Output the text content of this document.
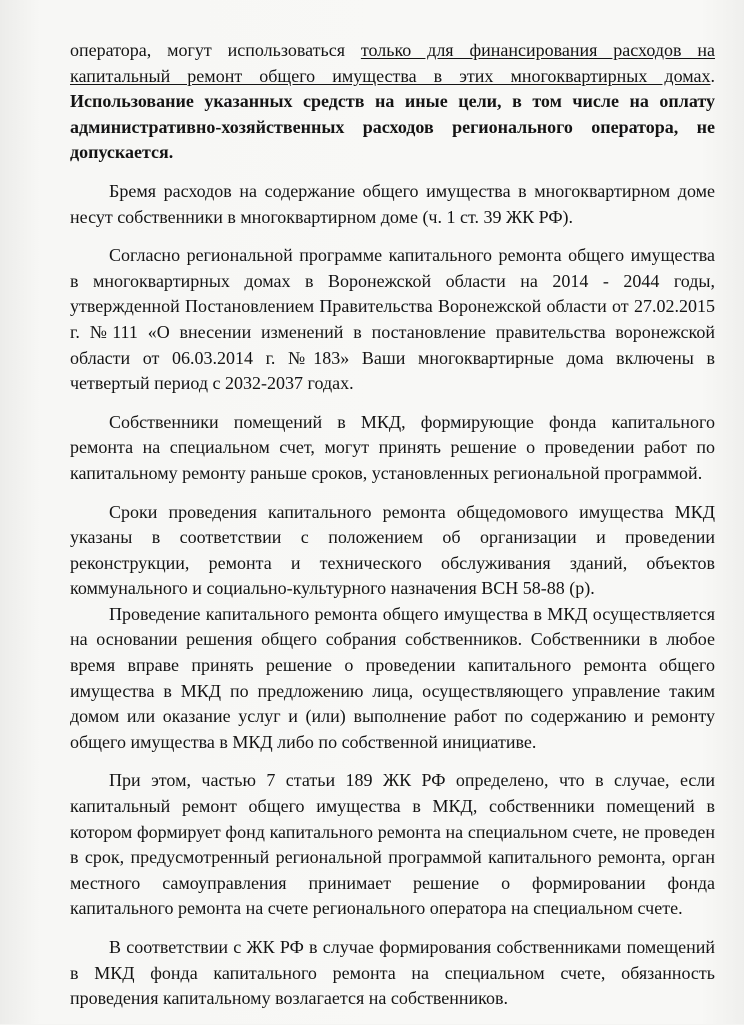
оператора, могут использоваться только для финансирования расходов на капитальный ремонт общего имущества в этих многоквартирных домах. Использование указанных средств на иные цели, в том числе на оплату административно-хозяйственных расходов регионального оператора, не допускается.

Бремя расходов на содержание общего имущества в многоквартирном доме несут собственники в многоквартирном доме (ч. 1 ст. 39 ЖК РФ).

Согласно региональной программе капитального ремонта общего имущества в многоквартирных домах в Воронежской области на 2014 - 2044 годы, утвержденной Постановлением Правительства Воронежской области от 27.02.2015 г. №111 «О внесении изменений в постановление правительства воронежской области от 06.03.2014 г. №183» Ваши многоквартирные дома включены в четвертый период с 2032-2037 годах.

Собственники помещений в МКД, формирующие фонда капитального ремонта на специальном счет, могут принять решение о проведении работ по капитальному ремонту раньше сроков, установленных региональной программой.

Сроки проведения капитального ремонта общедомового имущества МКД указаны в соответствии с положением об организации и проведении реконструкции, ремонта и технического обслуживания зданий, объектов коммунального и социально-культурного назначения ВСН 58-88 (р).

Проведение капитального ремонта общего имущества в МКД осуществляется на основании решения общего собрания собственников. Собственники в любое время вправе принять решение о проведении капитального ремонта общего имущества в МКД по предложению лица, осуществляющего управление таким домом или оказание услуг и (или) выполнение работ по содержанию и ремонту общего имущества в МКД либо по собственной инициативе.

При этом, частью 7 статьи 189 ЖК РФ определено, что в случае, если капитальный ремонт общего имущества в МКД, собственники помещений в котором формирует фонд капитального ремонта на специальном счете, не проведен в срок, предусмотренный региональной программой капитального ремонта, орган местного самоуправления принимает решение о формировании фонда капитального ремонта на счете регионального оператора на специальном счете.

В соответствии с ЖК РФ в случае формирования собственниками помещений в МКД фонда капитального ремонта на специальном счете, обязанность проведения капитальному возлагается на собственников.
